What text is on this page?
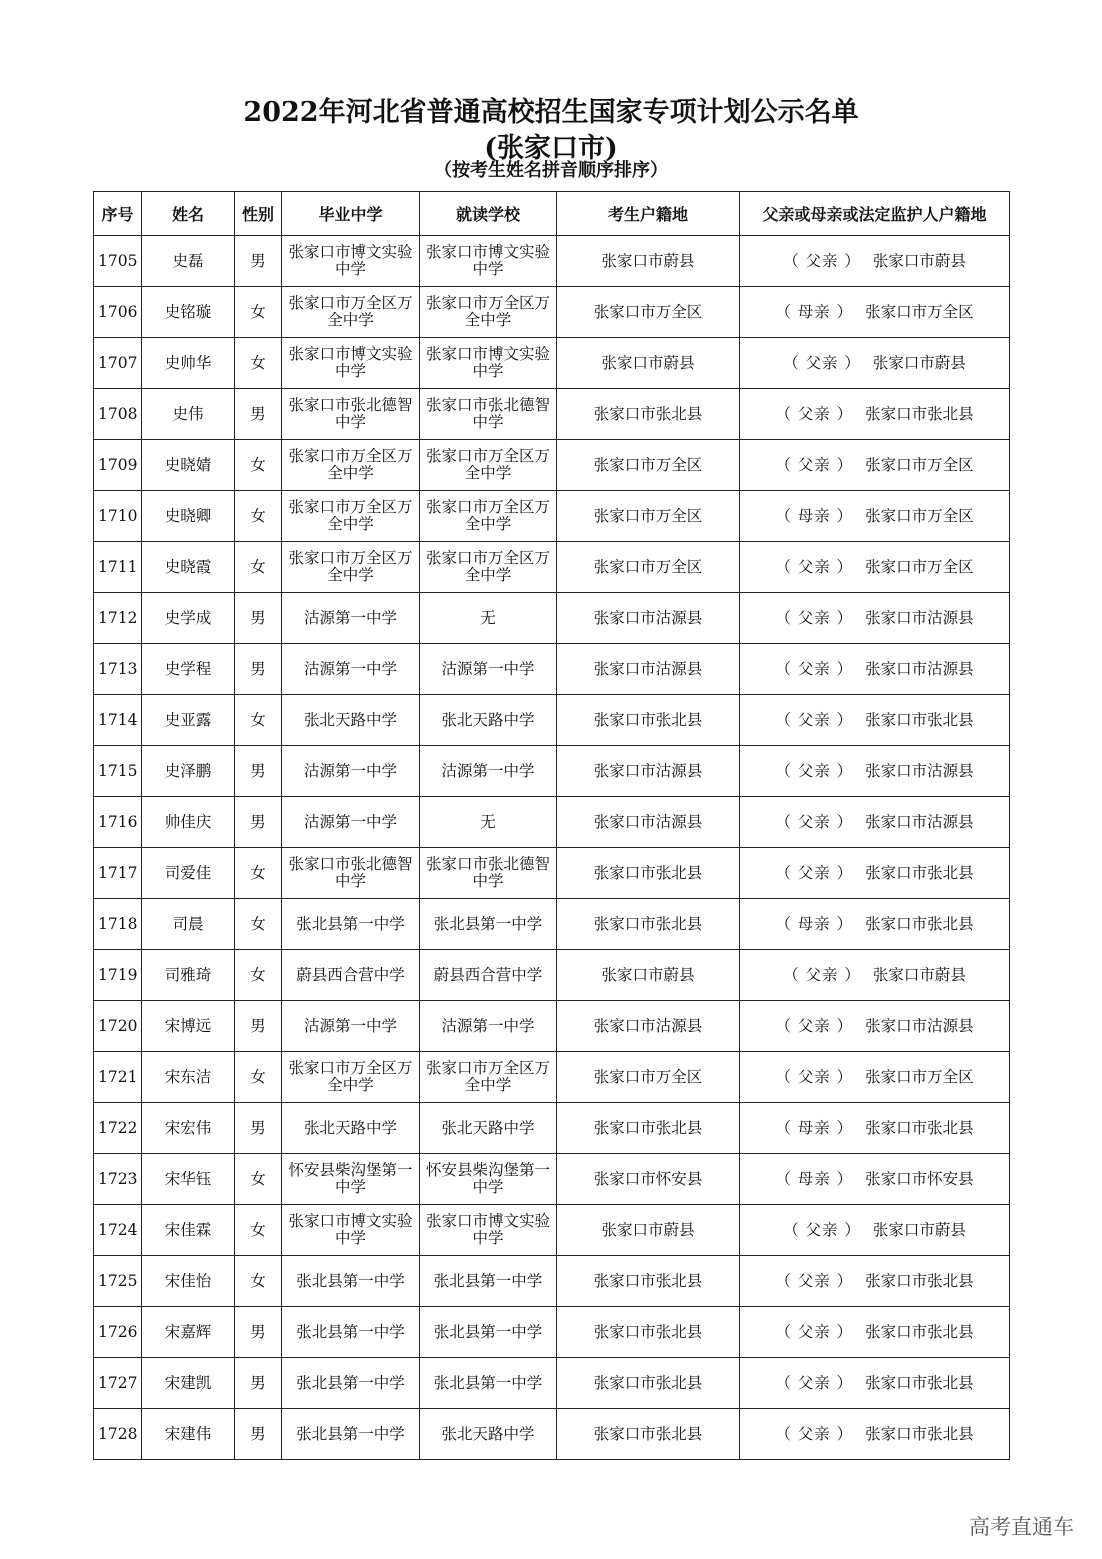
2022年河北省普通高校招生国家专项计划公示名单
(张家口市)
（按考生姓名拼音顺序排序）
序号	姓名	性别	毕业中学	就读学校	考生户籍地	父亲或母亲或法定监护人户籍地
1705	史磊	男	张家口市博文实验中学	张家口市博文实验中学	张家口市蔚县	（ 父亲 ） 张家口市蔚县
1706	史铭璇	女	张家口市万全区万全中学	张家口市万全区万全中学	张家口市万全区	（ 母亲 ） 张家口市万全区
1707	史帅华	女	张家口市博文实验中学	张家口市博文实验中学	张家口市蔚县	（ 父亲 ） 张家口市蔚县
1708	史伟	男	张家口市张北德智中学	张家口市张北德智中学	张家口市张北县	（ 父亲 ） 张家口市张北县
1709	史晓婧	女	张家口市万全区万全中学	张家口市万全区万全中学	张家口市万全区	（ 父亲 ） 张家口市万全区
1710	史晓卿	女	张家口市万全区万全中学	张家口市万全区万全中学	张家口市万全区	（ 母亲 ） 张家口市万全区
1711	史晓霞	女	张家口市万全区万全中学	张家口市万全区万全中学	张家口市万全区	（ 父亲 ） 张家口市万全区
1712	史学成	男	沽源第一中学	无	张家口市沽源县	（ 父亲 ） 张家口市沽源县
1713	史学程	男	沽源第一中学	沽源第一中学	张家口市沽源县	（ 父亲 ） 张家口市沽源县
1714	史亚露	女	张北天路中学	张北天路中学	张家口市张北县	（ 父亲 ） 张家口市张北县
1715	史泽鹏	男	沽源第一中学	沽源第一中学	张家口市沽源县	（ 父亲 ） 张家口市沽源县
1716	帅佳庆	男	沽源第一中学	无	张家口市沽源县	（ 父亲 ） 张家口市沽源县
1717	司爱佳	女	张家口市张北德智中学	张家口市张北德智中学	张家口市张北县	（ 父亲 ） 张家口市张北县
1718	司晨	女	张北县第一中学	张北县第一中学	张家口市张北县	（ 母亲 ） 张家口市张北县
1719	司雅琦	女	蔚县西合营中学	蔚县西合营中学	张家口市蔚县	（ 父亲 ） 张家口市蔚县
1720	宋博远	男	沽源第一中学	沽源第一中学	张家口市沽源县	（ 父亲 ） 张家口市沽源县
1721	宋东洁	女	张家口市万全区万全中学	张家口市万全区万全中学	张家口市万全区	（ 父亲 ） 张家口市万全区
1722	宋宏伟	男	张北天路中学	张北天路中学	张家口市张北县	（ 母亲 ） 张家口市张北县
1723	宋华钰	女	怀安县柴沟堡第一中学	怀安县柴沟堡第一中学	张家口市怀安县	（ 母亲 ） 张家口市怀安县
1724	宋佳霖	女	张家口市博文实验中学	张家口市博文实验中学	张家口市蔚县	（ 父亲 ） 张家口市蔚县
1725	宋佳怡	女	张北县第一中学	张北县第一中学	张家口市张北县	（ 父亲 ） 张家口市张北县
1726	宋嘉辉	男	张北县第一中学	张北县第一中学	张家口市张北县	（ 父亲 ） 张家口市张北县
1727	宋建凯	男	张北县第一中学	张北县第一中学	张家口市张北县	（ 父亲 ） 张家口市张北县
1728	宋建伟	男	张北县第一中学	张北天路中学	张家口市张北县	（ 父亲 ） 张家口市张北县
高考直通车
